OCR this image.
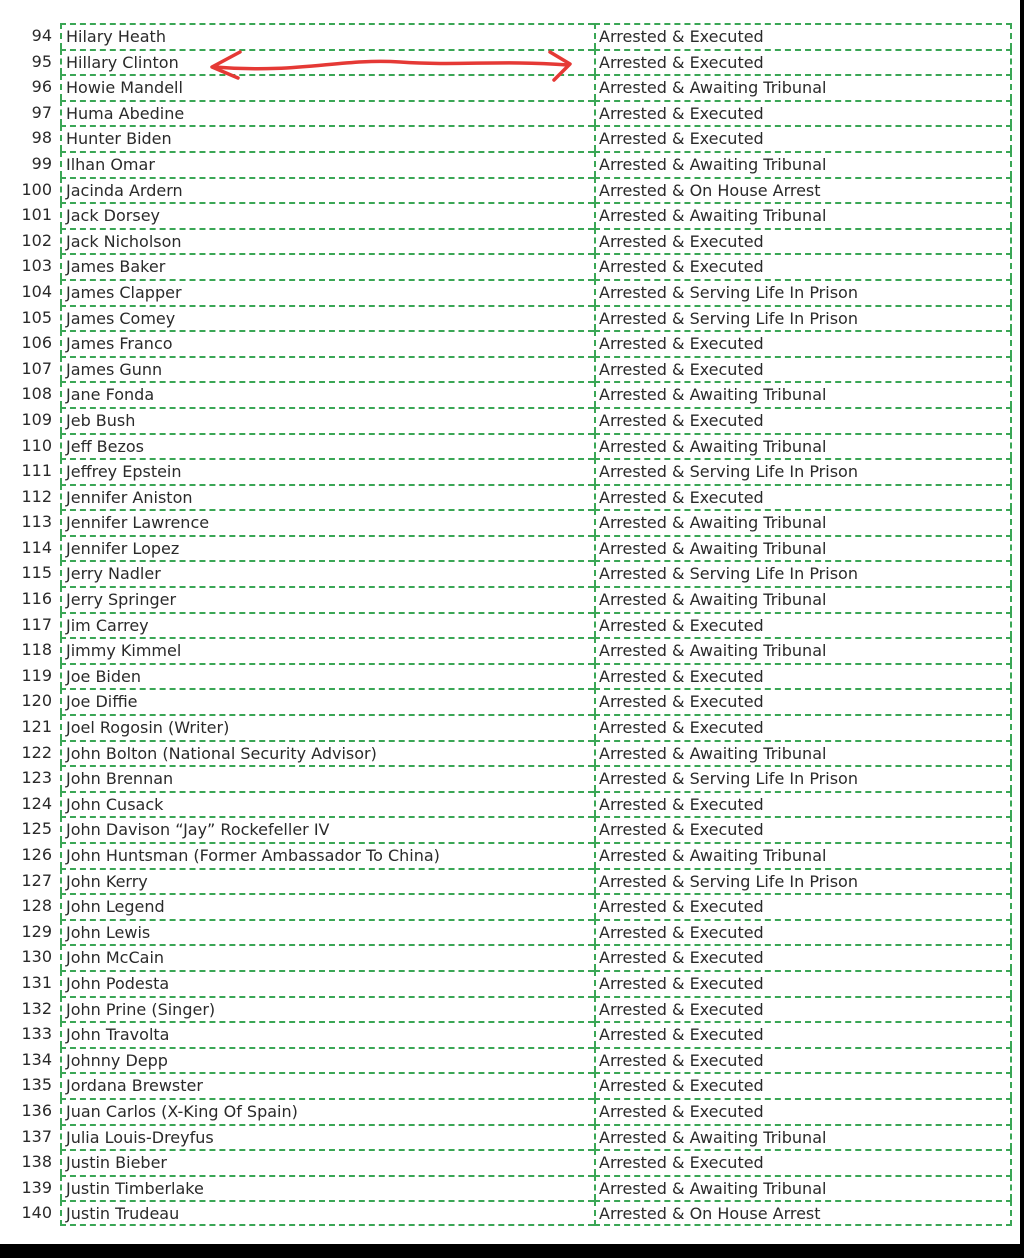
94 Hilary Heath	Arrested & Executed
95 Hillary Clinton	Arrested & Executed
96 Howie Mandell	Arrested & Awaiting Tribunal
97 Huma Abedine	Arrested & Executed
98 Hunter Biden	Arrested & Executed
99 Ilhan Omar	Arrested & Awaiting Tribunal
100 Jacinda Ardern	Arrested & On House Arrest
101 Jack Dorsey	Arrested & Awaiting Tribunal
102 Jack Nicholson	Arrested & Executed
103 James Baker	Arrested & Executed
104 James Clapper	Arrested & Serving Life In Prison
105 James Comey	Arrested & Serving Life In Prison
106 James Franco	Arrested & Executed
107 James Gunn	Arrested & Executed
108 Jane Fonda	Arrested & Awaiting Tribunal
109 Jeb Bush	Arrested & Executed
110 Jeff Bezos	Arrested & Awaiting Tribunal
111 Jeffrey Epstein	Arrested & Serving Life In Prison
112 Jennifer Aniston	Arrested & Executed
113 Jennifer Lawrence	Arrested & Awaiting Tribunal
114 Jennifer Lopez	Arrested & Awaiting Tribunal
115 Jerry Nadler	Arrested & Serving Life In Prison
116 Jerry Springer	Arrested & Awaiting Tribunal
117 Jim Carrey	Arrested & Executed
118 Jimmy Kimmel	Arrested & Awaiting Tribunal
119 Joe Biden	Arrested & Executed
120 Joe Diffie	Arrested & Executed
121 Joel Rogosin (Writer)	Arrested & Executed
122 John Bolton (National Security Advisor)	Arrested & Awaiting Tribunal
123 John Brennan	Arrested & Serving Life In Prison
124 John Cusack	Arrested & Executed
125 John Davison “Jay” Rockefeller IV	Arrested & Executed
126 John Huntsman (Former Ambassador To China)	Arrested & Awaiting Tribunal
127 John Kerry	Arrested & Serving Life In Prison
128 John Legend	Arrested & Executed
129 John Lewis	Arrested & Executed
130 John McCain	Arrested & Executed
131 John Podesta	Arrested & Executed
132 John Prine (Singer)	Arrested & Executed
133 John Travolta	Arrested & Executed
134 Johnny Depp	Arrested & Executed
135 Jordana Brewster	Arrested & Executed
136 Juan Carlos (X-King Of Spain)	Arrested & Executed
137 Julia Louis-Dreyfus	Arrested & Awaiting Tribunal
138 Justin Bieber	Arrested & Executed
139 Justin Timberlake	Arrested & Awaiting Tribunal
140 Justin Trudeau	Arrested & On House Arrest
